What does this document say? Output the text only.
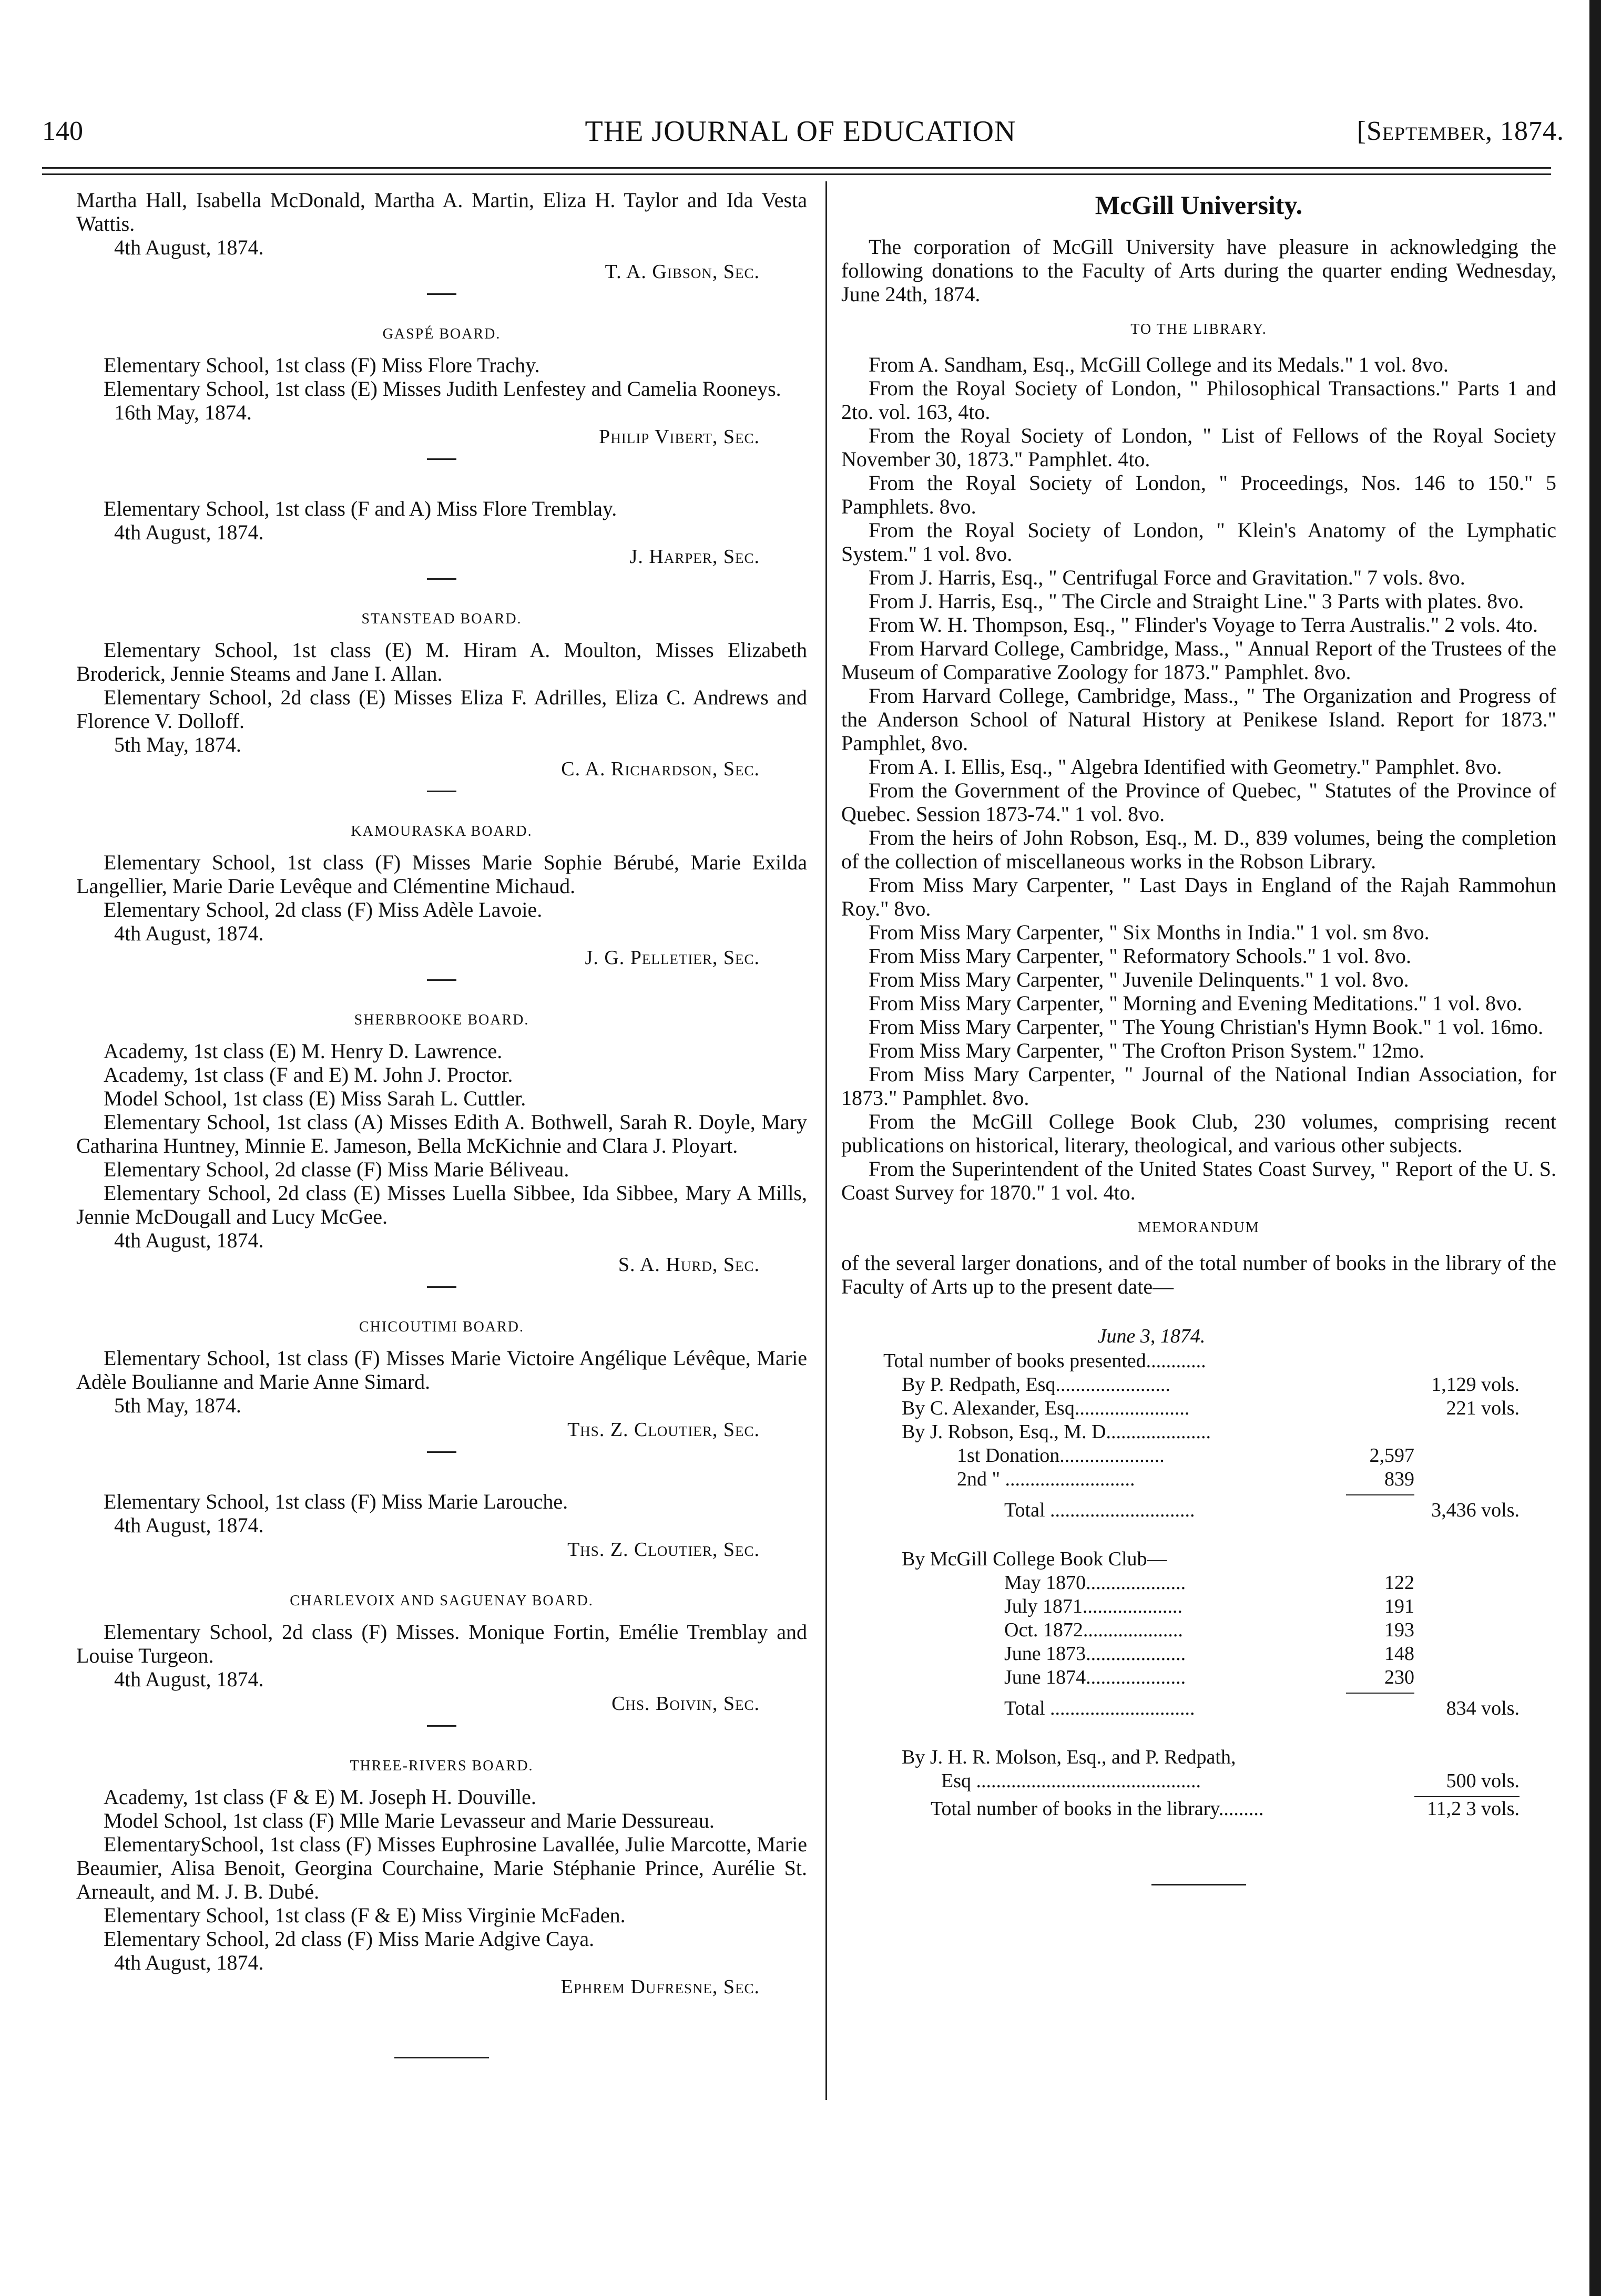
140	THE JOURNAL OF EDUCATION	[September, 1874.

Martha Hall, Isabella McDonald, Martha A. Martin, Eliza H. Taylor and Ida Vesta Wattis.

4th August, 1874.

T. A. Gibson, Sec.

GASPÉ BOARD.

Elementary School, 1st class (F) Miss Flore Trachy.

Elementary School, 1st class (E) Misses Judith Lenfestey and Camelia Rooneys.

16th May, 1874.

Philip Vibert, Sec.

Elementary School, 1st class (F and A) Miss Flore Tremblay.

4th August, 1874.

J. Harper, Sec.

STANSTEAD BOARD.

Elementary School, 1st class (E) M. Hiram A. Moulton, Misses Elizabeth Broderick, Jennie Steams and Jane I. Allan.

Elementary School, 2d class (E) Misses Eliza F. Adrilles, Eliza C. Andrews and Florence V. Dolloff.

5th May, 1874.

C. A. Richardson, Sec.

KAMOURASKA BOARD.

Elementary School, 1st class (F) Misses Marie Sophie Bérubé, Marie Exilda Langellier, Marie Darie Levêque and Clémentine Michaud.

Elementary School, 2d class (F) Miss Adèle Lavoie.

4th August, 1874.

J. G. Pelletier, Sec.

SHERBROOKE BOARD.

Academy, 1st class (E) M. Henry D. Lawrence.

Academy, 1st class (F and E) M. John J. Proctor.

Model School, 1st class (E) Miss Sarah L. Cuttler.

Elementary School, 1st class (A) Misses Edith A. Bothwell, Sarah R. Doyle, Mary Catharina Huntney, Minnie E. Jameson, Bella McKichnie and Clara J. Ployart.

Elementary School, 2d classe (F) Miss Marie Béliveau.

Elementary School, 2d class (E) Misses Luella Sibbee, Ida Sibbee, Mary A Mills, Jennie McDougall and Lucy McGee.

4th August, 1874.

S. A. Hurd, Sec.

CHICOUTIMI BOARD.

Elementary School, 1st class (F) Misses Marie Victoire Angélique Lévêque, Marie Adèle Boulianne and Marie Anne Simard.

5th May, 1874.

Ths. Z. Cloutier, Sec.

Elementary School, 1st class (F) Miss Marie Larouche.

4th August, 1874.

Ths. Z. Cloutier, Sec.

CHARLEVOIX AND SAGUENAY BOARD.

Elementary School, 2d class (F) Misses. Monique Fortin, Emélie Tremblay and Louise Turgeon.

4th August, 1874.

Chs. Boivin, Sec.

THREE-RIVERS BOARD.

Academy, 1st class (F & E) M. Joseph H. Douville.

Model School, 1st class (F) Mlle Marie Levasseur and Marie Dessureau.

ElementarySchool, 1st class (F) Misses Euphrosine Lavallée, Julie Marcotte, Marie Beaumier, Alisa Benoit, Georgina Courchaine, Marie Stéphanie Prince, Aurélie St. Arneault, and M. J. B. Dubé.

Elementary School, 1st class (F & E) Miss Virginie McFaden.

Elementary School, 2d class (F) Miss Marie Adgive Caya.

4th August, 1874.

Ephrem Dufresne, Sec.

McGill University.

The corporation of McGill University have pleasure in acknowledging the following donations to the Faculty of Arts during the quarter ending Wednesday, June 24th, 1874.

TO THE LIBRARY.

From A. Sandham, Esq., McGill College and its Medals." 1 vol. 8vo.

From the Royal Society of London, " Philosophical Transactions." Parts 1 and 2to. vol. 163, 4to.

From the Royal Society of London, " List of Fellows of the Royal Society November 30, 1873." Pamphlet. 4to.

From the Royal Society of London, " Proceedings, Nos. 146 to 150." 5 Pamphlets. 8vo.

From the Royal Society of London, " Klein's Anatomy of the Lymphatic System." 1 vol. 8vo.

From J. Harris, Esq., " Centrifugal Force and Gravitation." 7 vols. 8vo.

From J. Harris, Esq., " The Circle and Straight Line." 3 Parts with plates. 8vo.

From W. H. Thompson, Esq., " Flinder's Voyage to Terra Australis." 2 vols. 4to.

From Harvard College, Cambridge, Mass., " Annual Report of the Trustees of the Museum of Comparative Zoology for 1873." Pamphlet. 8vo.

From Harvard College, Cambridge, Mass., " The Organization and Progress of the Anderson School of Natural History at Penikese Island. Report for 1873." Pamphlet, 8vo.

From A. I. Ellis, Esq., " Algebra Identified with Geometry." Pamphlet. 8vo.

From the Government of the Province of Quebec, " Statutes of the Province of Quebec. Session 1873-74." 1 vol. 8vo.

From the heirs of John Robson, Esq., M. D., 839 volumes, being the completion of the collection of miscellaneous works in the Robson Library.

From Miss Mary Carpenter, " Last Days in England of the Rajah Rammohun Roy." 8vo.

From Miss Mary Carpenter, " Six Months in India." 1 vol. sm 8vo.

From Miss Mary Carpenter, " Reformatory Schools." 1 vol. 8vo.

From Miss Mary Carpenter, " Juvenile Delinquents." 1 vol. 8vo.

From Miss Mary Carpenter, " Morning and Evening Meditations." 1 vol. 8vo.

From Miss Mary Carpenter, " The Young Christian's Hymn Book." 1 vol. 16mo.

From Miss Mary Carpenter, " The Crofton Prison System." 12mo.

From Miss Mary Carpenter, " Journal of the National Indian Association, for 1873." Pamphlet. 8vo.

From the McGill College Book Club, 230 volumes, comprising recent publications on historical, literary, theological, and various other subjects.

From the Superintendent of the United States Coast Survey, " Report of the U. S. Coast Survey for 1870." 1 vol. 4to.

MEMORANDUM

of the several larger donations, and of the total number of books in the library of the Faculty of Arts up to the present date—

June 3, 1874.
Total number of books presented............
By P. Redpath, Esq.......................	1,129 vols.
By C. Alexander, Esq.......................	221 vols.
By J. Robson, Esq., M. D.....................
1st Donation.....................	2,597
2nd " ..........................	839
Total .............................	3,436 vols.
By McGill College Book Club—
May 1870....................	122
July 1871....................	191
Oct. 1872....................	193
June 1873....................	148
June 1874....................	230
Total .............................	834 vols.
By J. H. R. Molson, Esq., and P. Redpath,
Esq .............................................	500 vols.
Total number of books in the library.........	11,2 3 vols.
